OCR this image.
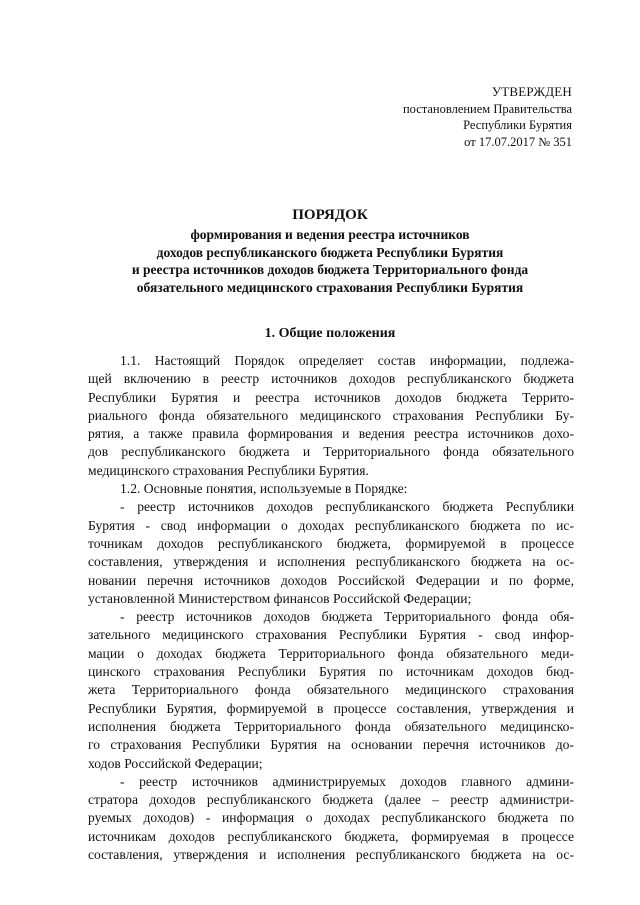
УТВЕРЖДЕН
постановлением Правительства
Республики Бурятия
от 17.07.2017 № 351
ПОРЯДОК
формирования и ведения реестра источников
доходов республиканского бюджета Республики Бурятия
и реестра источников доходов бюджета Территориального фонда
обязательного медицинского страхования Республики Бурятия
1. Общие положения
1.1. Настоящий Порядок определяет состав информации, подлежа-
щей включению в реестр источников доходов республиканского бюджета
Республики Бурятия и реестра источников доходов бюджета Террито-
риального фонда обязательного медицинского страхования Республики Бу-
рятия, а также правила формирования и ведения реестра источников дохо-
дов республиканского бюджета и Территориального фонда обязательного
медицинского страхования Республики Бурятия.
1.2. Основные понятия, используемые в Порядке:
- реестр источников доходов республиканского бюджета Республики
Бурятия - свод информации о доходах республиканского бюджета по ис-
точникам доходов республиканского бюджета, формируемой в процессе
составления, утверждения и исполнения республиканского бюджета на ос-
новании перечня источников доходов Российской Федерации и по форме,
установленной Министерством финансов Российской Федерации;
- реестр источников доходов бюджета Территориального фонда обя-
зательного медицинского страхования Республики Бурятия - свод инфор-
мации о доходах бюджета Территориального фонда обязательного меди-
цинского страхования Республики Бурятия по источникам доходов бюд-
жета Территориального фонда обязательного медицинского страхования
Республики Бурятия, формируемой в процессе составления, утверждения и
исполнения бюджета Территориального фонда обязательного медицинско-
го страхования Республики Бурятия на основании перечня источников до-
ходов Российской Федерации;
- реестр источников администрируемых доходов главного админи-
стратора доходов республиканского бюджета (далее – реестр администри-
руемых доходов) - информация о доходах республиканского бюджета по
источникам доходов республиканского бюджета, формируемая в процессе
составления, утверждения и исполнения республиканского бюджета на ос-
